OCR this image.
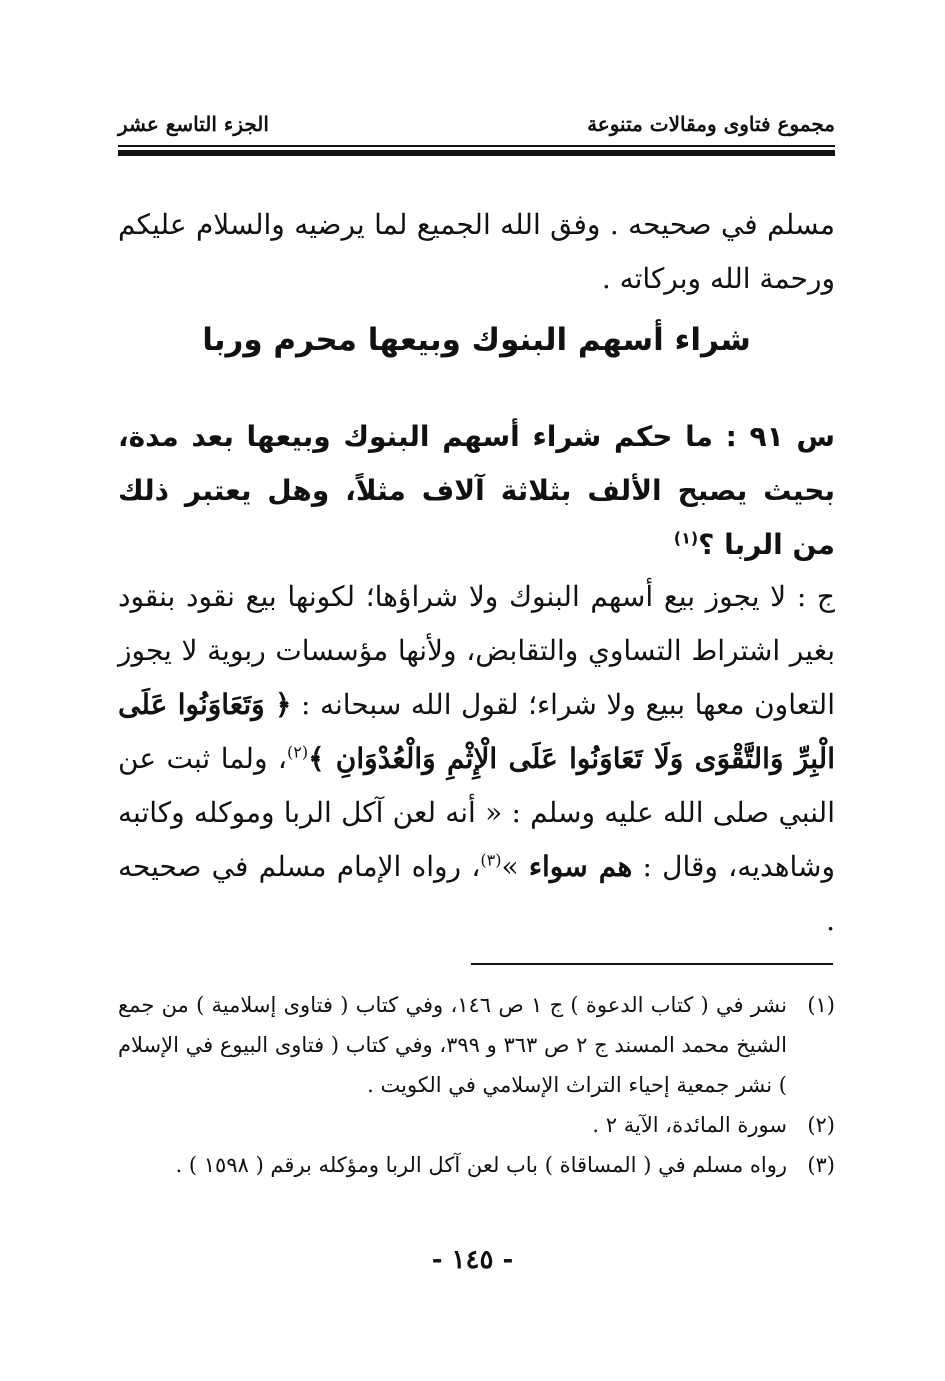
مجموع فتاوى ومقالات متنوعة
الجزء التاسع عشر
مسلم في صحيحه . وفق الله الجميع لما يرضيه والسلام عليكم ورحمة الله وبركاته .
شراء أسهم البنوك وبيعها محرم وربا
س ٩١ : ما حكم شراء أسهم البنوك وبيعها بعد مدة، بحيث يصبح الألف بثلاثة آلاف مثلاً، وهل يعتبر ذلك من الربا ؟$^{(١)}$
ج : لا يجوز بيع أسهم البنوك ولا شراؤها؛ لكونها بيع نقود بنقود بغير اشتراط التساوي والتقابض، ولأنها مؤسسات ربوية لا يجوز التعاون معها ببيع ولا شراء؛ لقول الله سبحانه : ﴿ وَتَعَاوَنُوا عَلَى الْبِرِّ وَالتَّقْوَى وَلَا تَعَاوَنُوا عَلَى الْإِثْمِ وَالْعُدْوَانِ ﴾$^{(٢)}$، ولما ثبت عن النبي صلى الله عليه وسلم : « أنه لعن آكل الربا وموكله وكاتبه وشاهديه، وقال : هم سواء »$^{(٣)}$، رواه الإمام مسلم في صحيحه .
(١)
نشر في ( كتاب الدعوة ) ج ١ ص ١٤٦، وفي كتاب ( فتاوى إسلامية ) من جمع الشيخ محمد المسند ج ٢ ص ٣٦٣ و ٣٩٩، وفي كتاب ( فتاوى البيوع في الإسلام ) نشر جمعية إحياء التراث الإسلامي في الكويت .
(٢)
سورة المائدة، الآية ٢ .
(٣)
رواه مسلم في ( المساقاة ) باب لعن آكل الربا ومؤكله برقم ( ١٥٩٨ ) .
- ١٤٥ -
